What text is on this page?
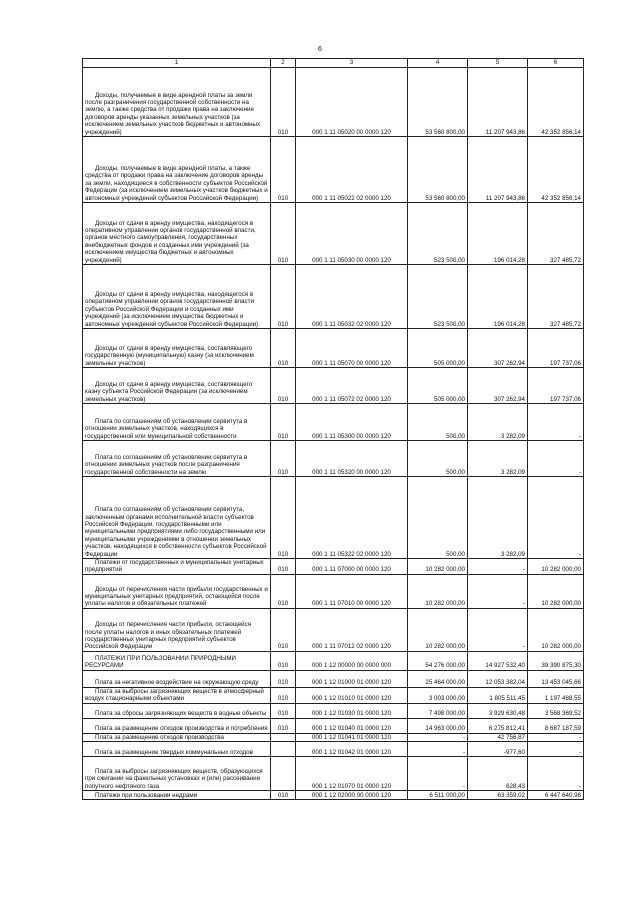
6
1	2	3	4	5	6
Доходы, получаемые в виде арендной платы за земли после разграничения государственной собственности на землю, а также средства от продажи права на заключение договоров аренды указанных земельных участков (за исключением земельных участков бюджетных и автономных учреждений)	010	000 1 11 05020 00 0000 120	53 560 800,00	11 207 943,86	42 352 856,14
Доходы, получаемые в виде арендной платы, а также средства от продажи права на заключение договоров аренды за земли, находящиеся в собственности субъектов Российской Федерации (за исключением земельных участков бюджетных и автономных учреждений субъектов Российской Федерации)	010	000 1 11 05022 02 0000 120	53 560 800,00	11 207 943,86	42 352 856,14
Доходы от сдачи в аренду имущества, находящегося в оперативном управлении органов государственной власти, органов местного самоуправления, государственных внебюджетных фондов и созданных ими учреждений (за исключением имущества бюджетных и автономных учреждений)	010	000 1 11 05030 00 0000 120	523 500,00	196 014,28	327 485,72
Доходы от сдачи в аренду имущества, находящегося в оперативном управлении органов государственной власти субъектов Российской Федерации и созданных ими учреждений (за исключением имущества бюджетных и автономных учреждений субъектов Российской Федерации)	010	000 1 11 05032 02 0000 120	523 500,00	196 014,28	327 485,72
Доходы от сдачи в аренду имущества, составляющего государственную (муниципальную) казну (за исключением земельных участков)	010	000 1 11 05070 00 0000 120	505 000,00	307 262,94	197 737,06
Доходы от сдачи в аренду имущества, составляющего казну субъекта Российской Федерации (за исключением земельных участков)	010	000 1 11 05072 02 0000 120	505 000,00	307 262,94	197 737,06
Плата по соглашениям об установлении сервитута в отношении земельных участков, находящихся в государственной или муниципальной собственности	010	000 1 11 05300 00 0000 120	500,00	3 282,09	-
Плата по соглашениям об установлении сервитута в отношении земельных участков после разграничения государственной собственности на землю	010	000 1 11 05320 00 0000 120	500,00	3 282,09	-
Плата по соглашениям об установлении сервитута, заключенным органами исполнительной власти субъектов Российской Федерации, государственными или муниципальными предприятиями либо государственными или муниципальными учреждениями в отношении земельных участков, находящихся в собственности субъектов Российской Федерации	010	000 1 11 05322 02 0000 120	500,00	3 282,09	-
Платежи от государственных и муниципальных унитарных предприятий	010	000 1 11 07000 00 0000 120	10 282 000,00	-	10 282 000,00
Доходы от перечисления части прибыли государственных и муниципальных унитарных предприятий, остающейся после уплаты налогов и обязательных платежей	010	000 1 11 07010 00 0000 120	10 282 000,00	-	10 282 000,00
Доходы от перечисления части прибыли, остающейся после уплаты налогов и иных обязательных платежей государственных унитарных предприятий субъектов Российской Федерации	010	000 1 11 07012 02 0000 120	10 282 000,00	-	10 282 000,00
ПЛАТЕЖИ ПРИ ПОЛЬЗОВАНИИ ПРИРОДНЫМИ РЕСУРСАМИ	010	000 1 12 00000 00 0000 000	54 276 000,00	14 927 532,40	39 390 875,30
Плата за негативное воздействие на окружающую среду	010	000 1 12 01000 01 0000 120	25 464 000,00	12 053 382,04	13 453 045,66
Плата за выбросы загрязняющих веществ в атмосферный воздух стационарными объектами	010	000 1 12 01010 01 0000 120	3 003 000,00	1 805 511,45	1 197 488,55
Плата за сбросы загрязняющих веществ в водные объекты	010	000 1 12 01030 01 0000 120	7 498 000,00	3 929 630,48	3 568 369,52
Плата за размещение отходов производства и потребления	010	000 1 12 01040 01 0000 120	14 963 000,00	6 275 812,41	8 687 187,59
Плата за размещение отходов производства		000 1 12 01041 01 0000 120	-	42 756,87	-
Плата за размещение твердых коммунальных отходов		000 1 12 01042 01 0000 120	-	-977,60	-
Плата за выбросы загрязняющих веществ, образующихся при сжигании на факельных установках и (или) рассеивании попутного нефтяного газа		000 1 12 01070 01 0000 120	-	628,43	-
Платежи при пользовании недрами	010	000 1 12 02000 00 0000 120	6 511 000,00	63 359,02	6 447 640,98
